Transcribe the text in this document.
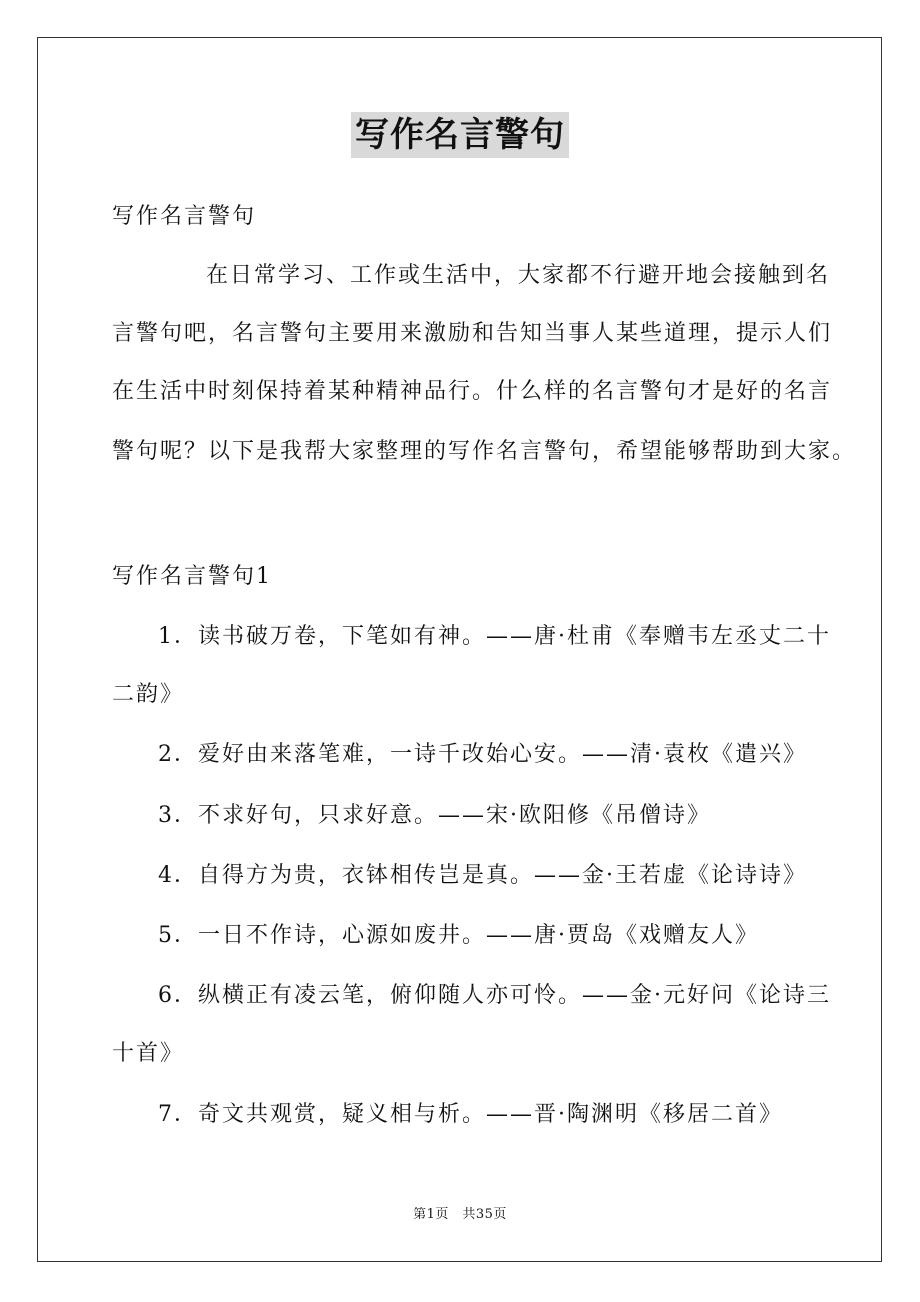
写作名言警句
写作名言警句
在日常学习、工作或生活中，大家都不行避开地会接触到名
言警句吧，名言警句主要用来激励和告知当事人某些道理，提示人们
在生活中时刻保持着某种精神品行。什么样的名言警句才是好的名言
警句呢？以下是我帮大家整理的写作名言警句，希望能够帮助到大家。
写作名言警句1
1．读书破万卷，下笔如有神。——唐·杜甫《奉赠韦左丞丈二十
二韵》
2．爱好由来落笔难，一诗千改始心安。——清·袁枚《遣兴》
3．不求好句，只求好意。——宋·欧阳修《吊僧诗》
4．自得方为贵，衣钵相传岂是真。——金·王若虚《论诗诗》
5．一日不作诗，心源如废井。——唐·贾岛《戏赠友人》
6．纵横正有凌云笔，俯仰随人亦可怜。——金·元好问《论诗三
十首》
7．奇文共观赏，疑义相与析。——晋·陶渊明《移居二首》
第1页　共35页
